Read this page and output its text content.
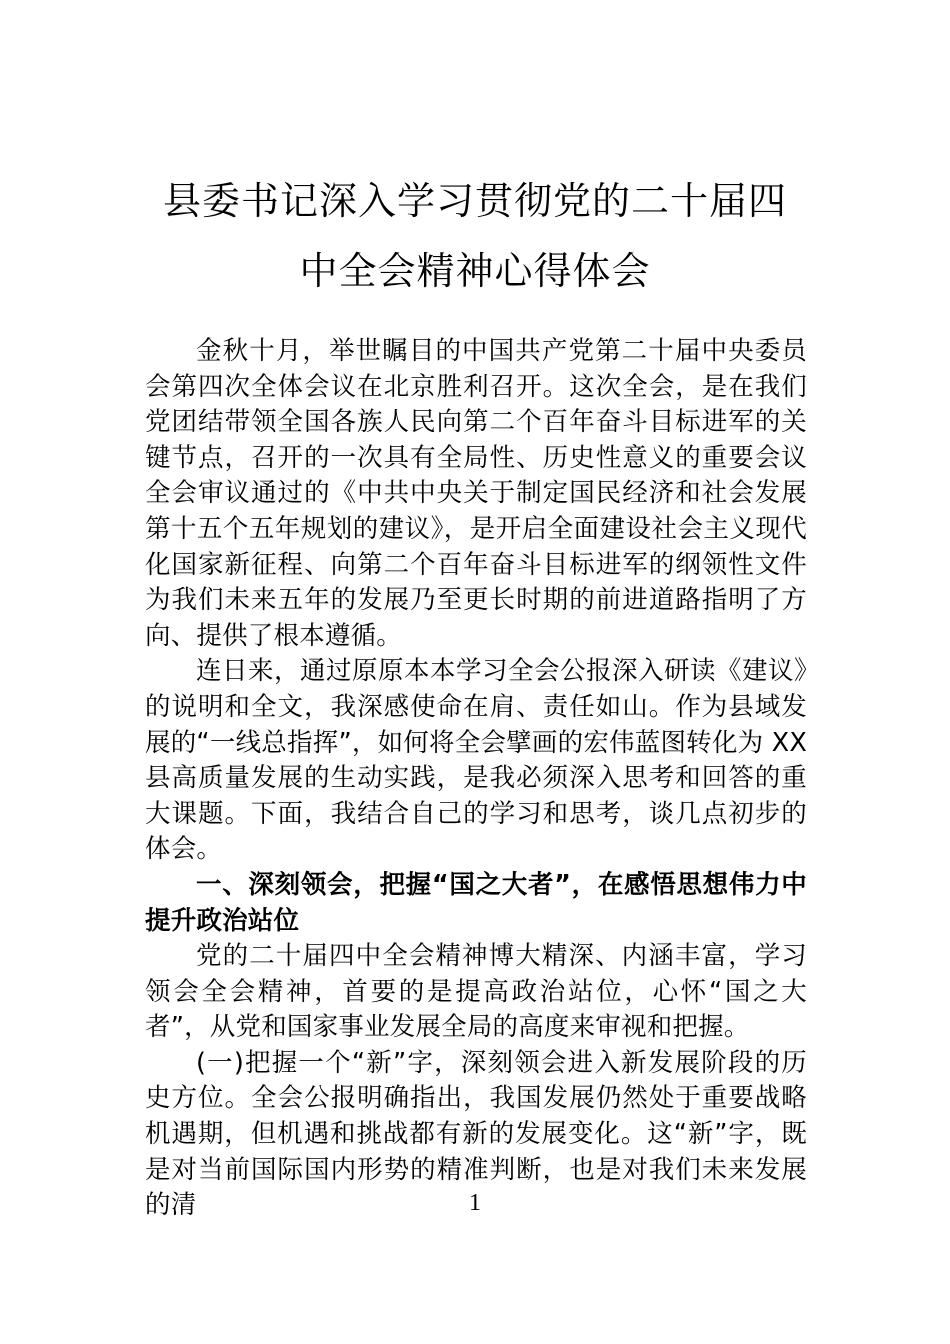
县委书记深入学习贯彻党的二十届四中全会精神心得体会

金秋十月，举世瞩目的中国共产党第二十届中央委员会第四次全体会议在北京胜利召开。这次全会，是在我们党团结带领全国各族人民向第二个百年奋斗目标进军的关键节点，召开的一次具有全局性、历史性意义的重要会议全会审议通过的《中共中央关于制定国民经济和社会发展第十五个五年规划的建议》，是开启全面建设社会主义现代化国家新征程、向第二个百年奋斗目标进军的纲领性文件为我们未来五年的发展乃至更长时期的前进道路指明了方向、提供了根本遵循。

连日来，通过原原本本学习全会公报深入研读《建议》的说明和全文，我深感使命在肩、责任如山。作为县域发展的“一线总指挥”，如何将全会擘画的宏伟蓝图转化为 XX 县高质量发展的生动实践，是我必须深入思考和回答的重大课题。下面，我结合自己的学习和思考，谈几点初步的体会。

一、深刻领会，把握“国之大者”，在感悟思想伟力中提升政治站位

党的二十届四中全会精神博大精深、内涵丰富，学习领会全会精神，首要的是提高政治站位，心怀“国之大者”，从党和国家事业发展全局的高度来审视和把握。

(一)把握一个“新”字，深刻领会进入新发展阶段的历史方位。全会公报明确指出，我国发展仍然处于重要战略机遇期，但机遇和挑战都有新的发展变化。这“新”字，既是对当前国际国内形势的精准判断，也是对我们未来发展的清	1
